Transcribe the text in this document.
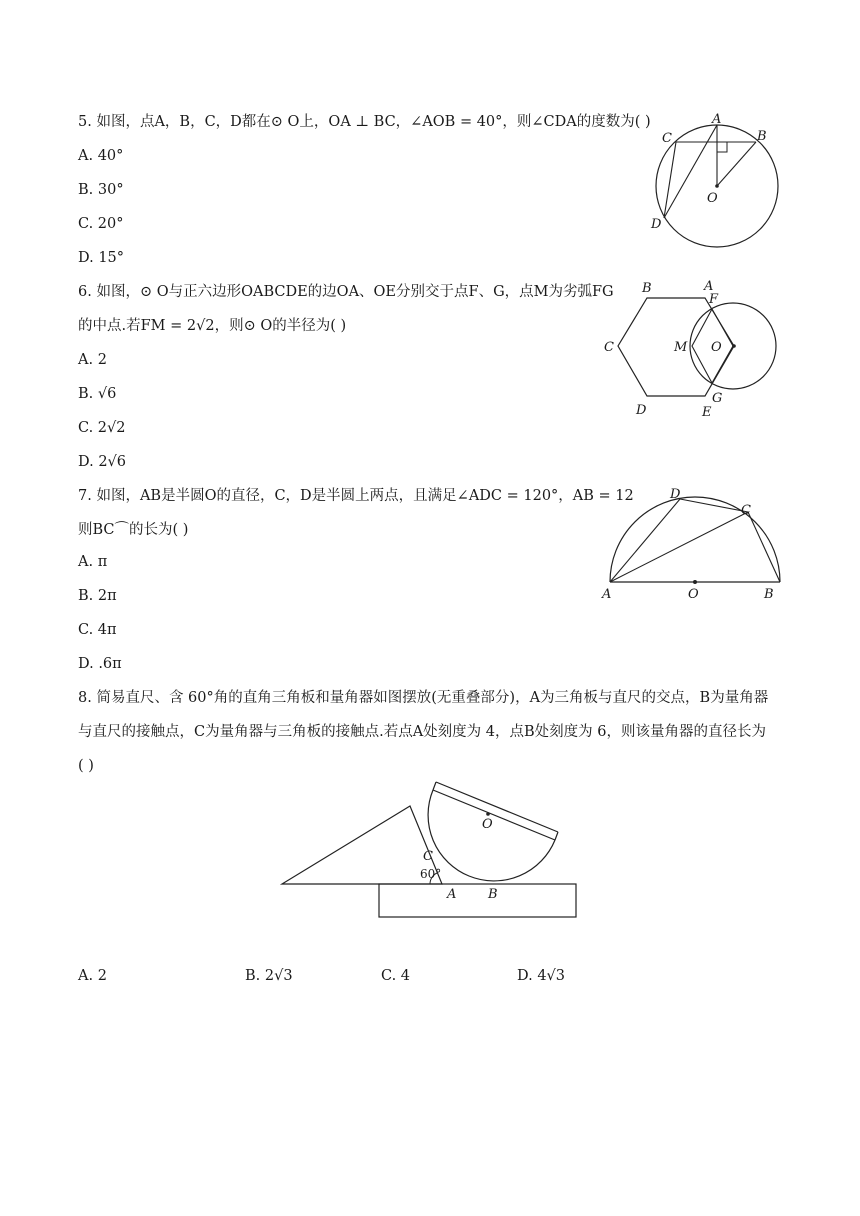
5. 如图，点A，B，C，D都在⊙ O上，OA ⊥ BC，∠AOB = 40°，则∠CDA的度数为( )
A. 40°
B. 30°
C. 20°
D. 15°
A
B
C
D
O
6. 如图，⊙ O与正六边形OABCDE的边OA、OE分别交于点F、G，点M为劣弧FG
的中点.若FM = 2√2，则⊙ O的半径为( )
A. 2
B. √6
C. 2√2
D. 2√6
B	A
F
C	M O
D	E
G
7. 如图，AB是半圆O的直径，C，D是半圆上两点，且满足∠ADC = 120°，AB = 12
则BC⌒的长为( )
A. π
B. 2π
C. 4π
D. .6π
D
C
A	O	B
8. 简易直尺、含 60°角的直角三角板和量角器如图摆放(无重叠部分)，A为三角板与直尺的交点，B为量角器
与直尺的接触点，C为量角器与三角板的接触点.若点A处刻度为 4，点B处刻度为 6，则该量角器的直径长为
( )
O
C
60°
A B
A. 2	B. 2√3	C. 4	D. 4√3
